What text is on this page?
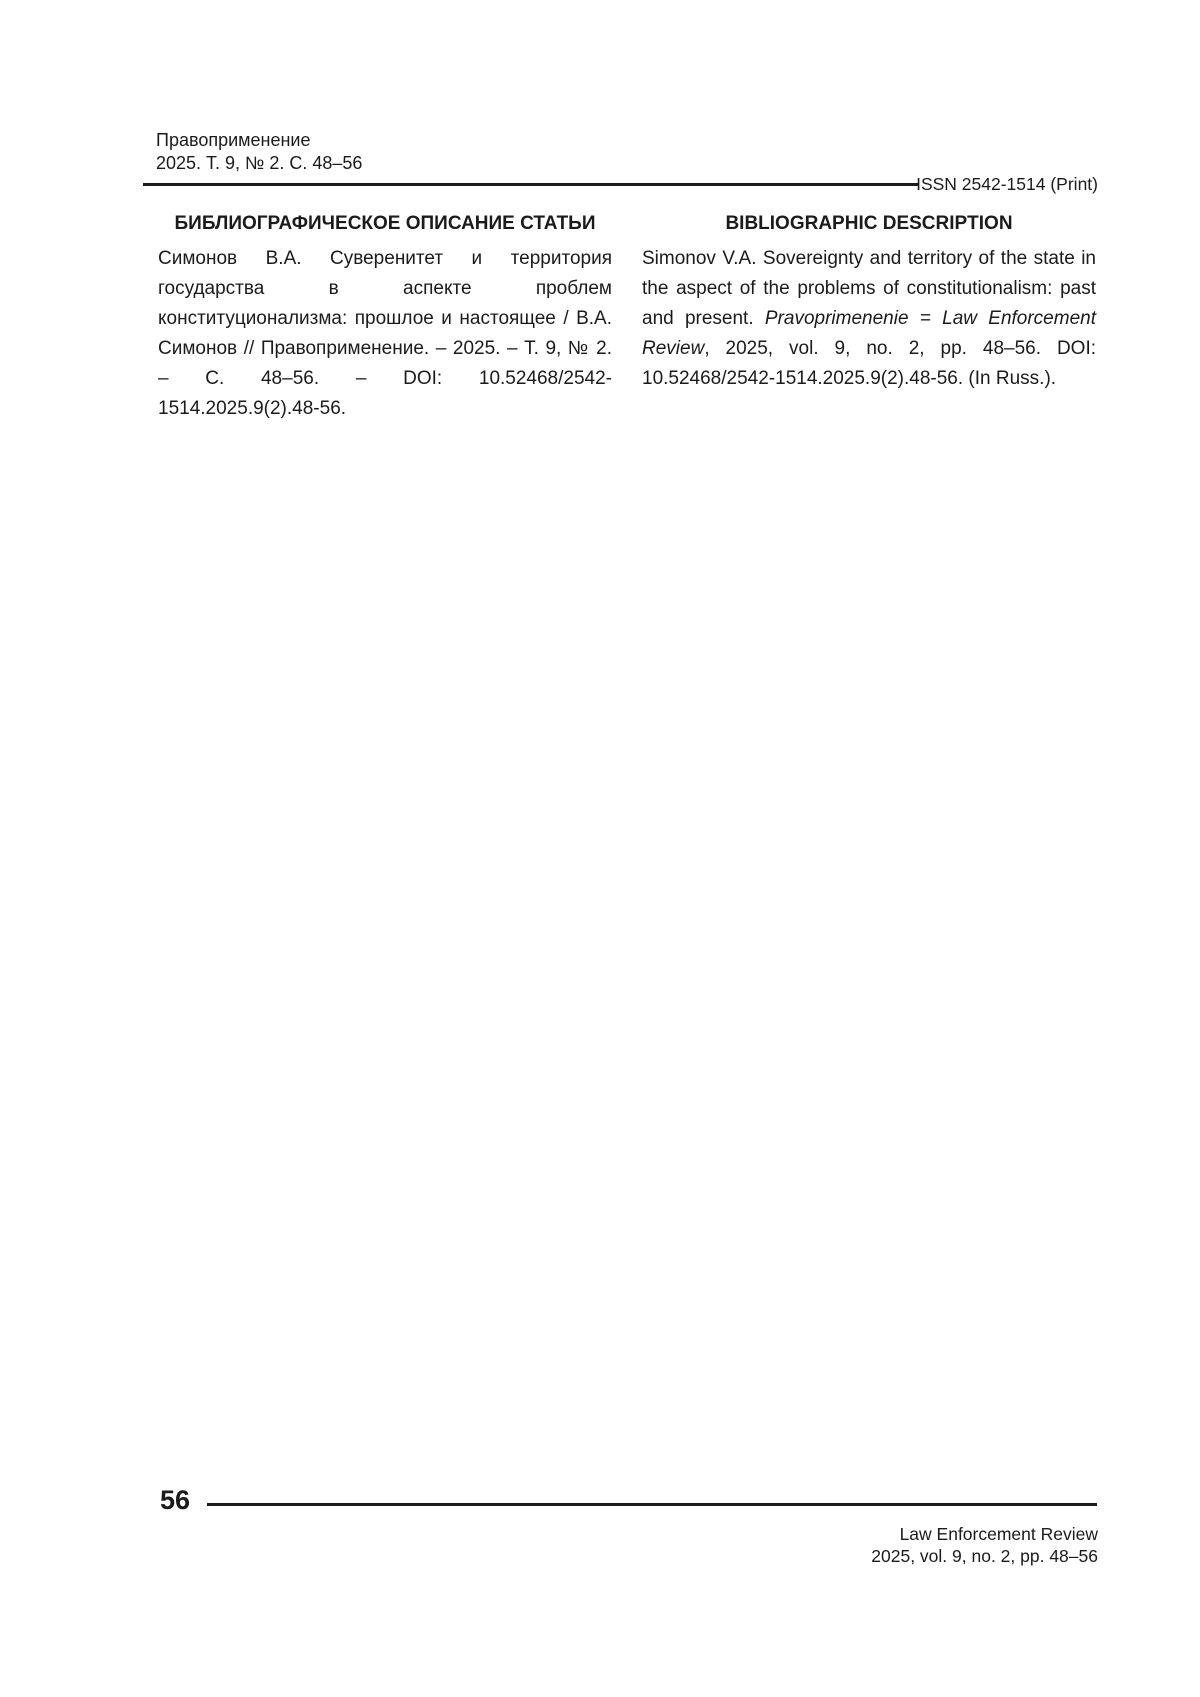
Правоприменение
2025. Т. 9, № 2. С. 48–56
ISSN 2542-1514 (Print)
БИБЛИОГРАФИЧЕСКОЕ ОПИСАНИЕ СТАТЬИ
Симонов В.А. Суверенитет и территория государства в аспекте проблем конституционализма: прошлое и настоящее / В.А. Симонов // Правоприменение. – 2025. – Т. 9, № 2. – С. 48–56. – DOI: 10.52468/2542-1514.2025.9(2).48-56.
BIBLIOGRAPHIC DESCRIPTION
Simonov V.A. Sovereignty and territory of the state in the aspect of the problems of constitutionalism: past and present. Pravoprimenenie = Law Enforcement Review, 2025, vol. 9, no. 2, pp. 48–56. DOI: 10.52468/2542-1514.2025.9(2).48-56. (In Russ.).
56
Law Enforcement Review
2025, vol. 9, no. 2, pp. 48–56
